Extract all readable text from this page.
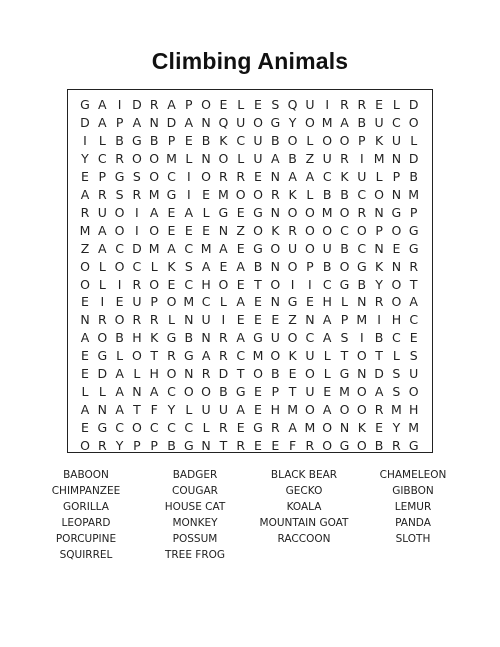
Climbing Animals
G A I D R A P O E L E S Q U I R R E L D
D A P A N D A N Q U O G Y O M A B U C O
I L B G B P E B K C U B O L O O P K U L
Y C R O O M L N O L U A B Z U R I M N D
E P G S O C I O R R E N A A C K U L P B
A R S R M G I E M O O R K L B B C O N M
R U O I A E A L G E G N O O M O R N G P
M A O I O E E E N Z O K R O O C O P O G
Z A C D M A C M A E G O U O U B C N E G
O L O C L K S A E A B N O P B O G K N R
O L I R O E C H O E T O I	I C G B Y O T
E I E U P O M C L A E N G E H L N R O A
N R O R R L N U I E E E Z N A P M I H C
A O B H K G B N R A G U O C A S I B C E
E G L O T R G A R C M O K U L T O T L S
E D A L H O N R D T O B E O L G N D S U
L L A N A C O O B G E P T U E M O A S O
A N A T F Y L U U A E H M O A O O R M H
E G C O C C C L R E G R A M O N K E Y M
O R Y P P B G N T R E E F R O G O B R G
BABOON	BADGER	BLACK BEAR	CHAMELEON
CHIMPANZEE	COUGAR	GECKO	GIBBON
GORILLA	HOUSE CAT	KOALA	LEMUR
LEOPARD	MONKEY	MOUNTAIN GOAT	PANDA
PORCUPINE	POSSUM	RACCOON	SLOTH
SQUIRREL	TREE FROG
